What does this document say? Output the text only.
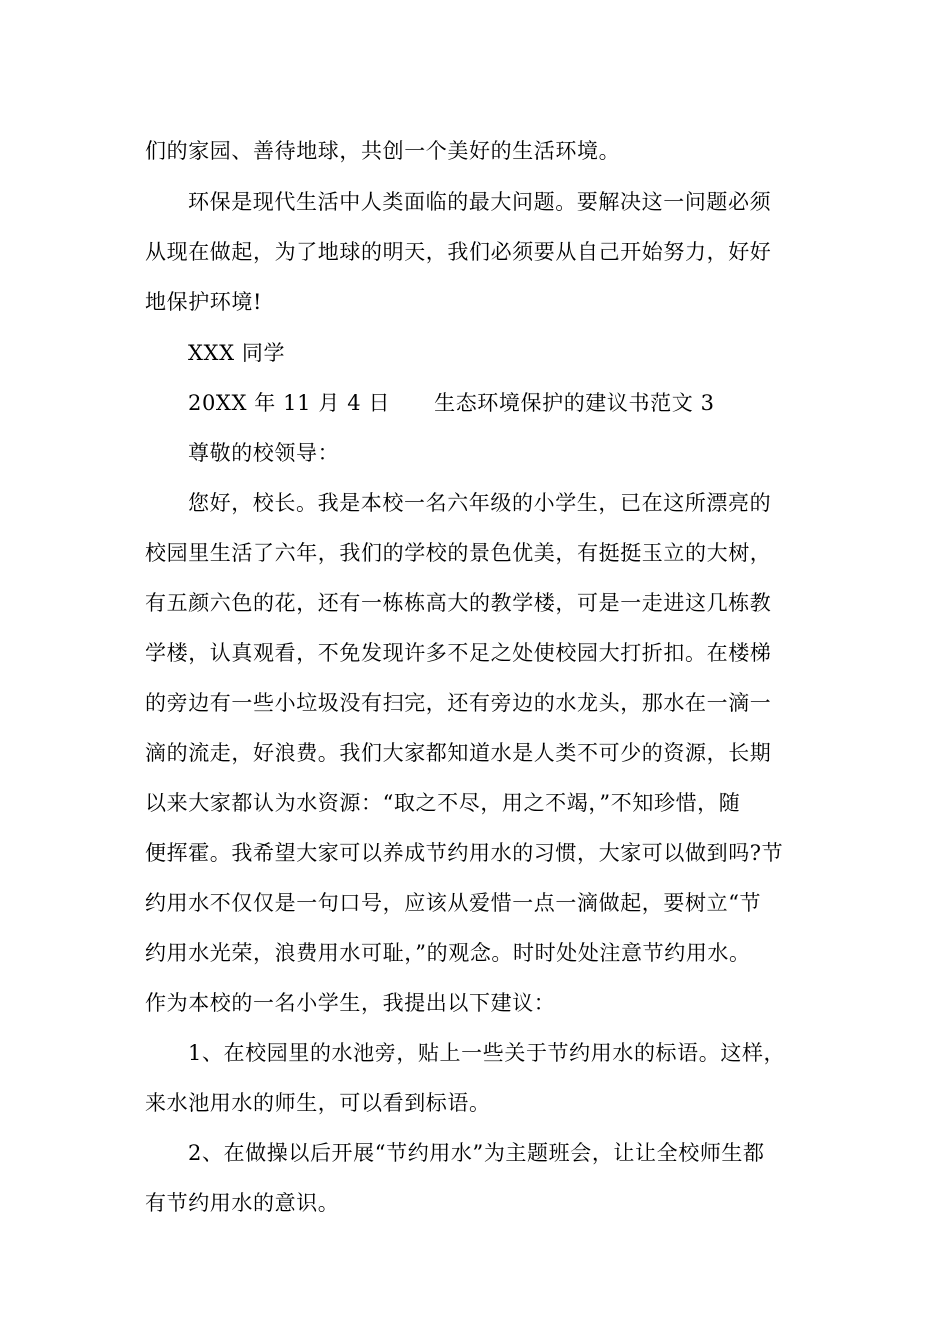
们的家园、善待地球，共创一个美好的生活环境。
环保是现代生活中人类面临的最大问题。要解决这一问题必须
从现在做起，为了地球的明天，我们必须要从自己开始努力，好好
地保护环境!
XXX 同学
20XX 年 11 月 4 日 生态环境保护的建议书范文 3
尊敬的校领导：
您好，校长。我是本校一名六年级的小学生，已在这所漂亮的
校园里生活了六年，我们的学校的景色优美，有挺挺玉立的大树，
有五颜六色的花，还有一栋栋高大的教学楼，可是一走进这几栋教
学楼，认真观看，不免发现许多不足之处使校园大打折扣。在楼梯
的旁边有一些小垃圾没有扫完，还有旁边的水龙头，那水在一滴一
滴的流走，好浪费。我们大家都知道水是人类不可少的资源，长期
以来大家都认为水资源：“取之不尽，用之不竭，”不知珍惜，随
便挥霍。我希望大家可以养成节约用水的习惯，大家可以做到吗?节
约用水不仅仅是一句口号，应该从爱惜一点一滴做起，要树立“节
约用水光荣，浪费用水可耻，”的观念。时时处处注意节约用水。
作为本校的一名小学生，我提出以下建议：
1、在校园里的水池旁，贴上一些关于节约用水的标语。这样，
来水池用水的师生，可以看到标语。
2、在做操以后开展“节约用水”为主题班会，让让全校师生都
有节约用水的意识。
